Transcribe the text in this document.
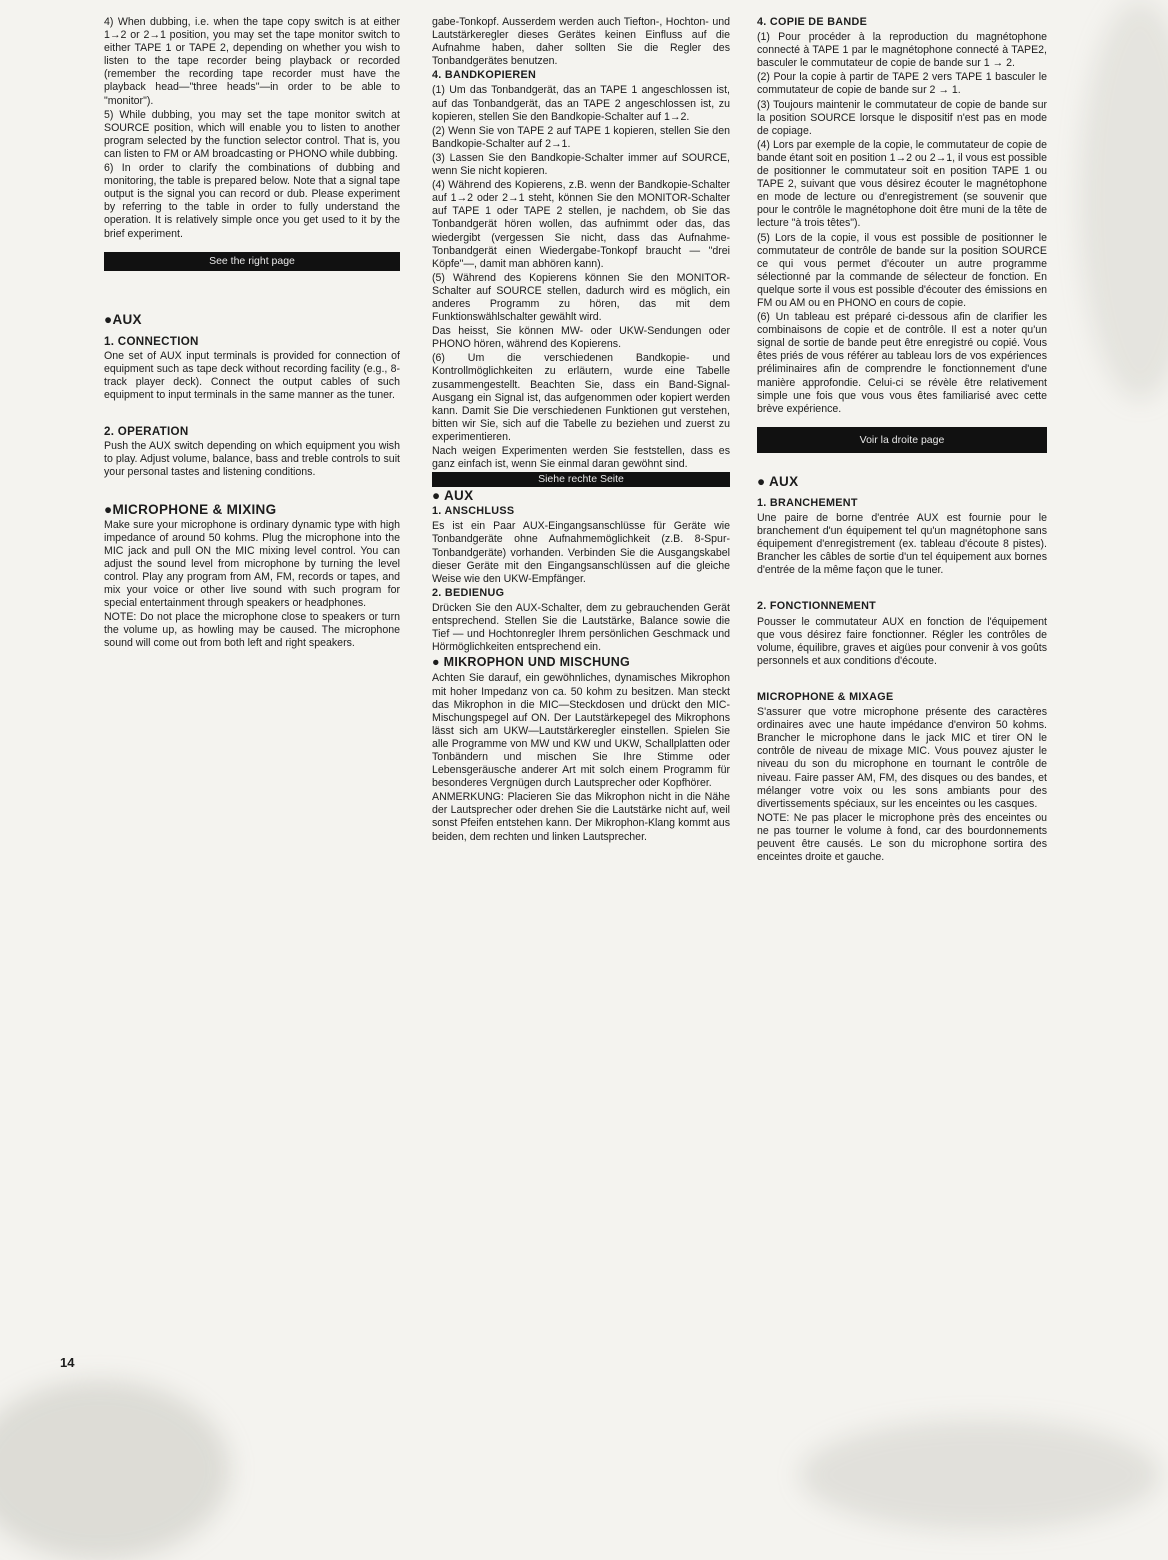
4) When dubbing, i.e. when the tape copy switch is at either 1→2 or 2→1 position, you may set the tape monitor switch to either TAPE 1 or TAPE 2, depending on whether you wish to listen to the tape recorder being playback or recorded (remember the recording tape recorder must have the playback head—"three heads"—in order to be able to "monitor").

5) While dubbing, you may set the tape monitor switch at SOURCE position, which will enable you to listen to another program selected by the function selector control. That is, you can listen to FM or AM broadcasting or PHONO while dubbing.

6) In order to clarify the combinations of dubbing and monitoring, the table is prepared below. Note that a signal tape output is the signal you can record or dub. Please experiment by referring to the table in order to fully understand the operation. It is relatively simple once you get used to it by the brief experiment.

See the right page
●AUX
1. CONNECTION

One set of AUX input terminals is provided for connection of equipment such as tape deck without recording facility (e.g., 8-track player deck). Connect the output cables of such equipment to input terminals in the same manner as the tuner.

2. OPERATION

Push the AUX switch depending on which equipment you wish to play. Adjust volume, balance, bass and treble controls to suit your personal tastes and listening conditions.

●MICROPHONE & MIXING

Make sure your microphone is ordinary dynamic type with high impedance of around 50 kohms. Plug the microphone into the MIC jack and pull ON the MIC mixing level control. You can adjust the sound level from microphone by turning the level control. Play any program from AM, FM, records or tapes, and mix your voice or other live sound with such program for special entertainment through speakers or headphones.

NOTE: Do not place the microphone close to speakers or turn the volume up, as howling may be caused. The microphone sound will come out from both left and right speakers.

gabe-Tonkopf. Ausserdem werden auch Tiefton-, Hochton- und Lautstärkeregler dieses Gerätes keinen Einfluss auf die Aufnahme haben, daher sollten Sie die Regler des Tonbandgerätes benutzen.

4. BANDKOPIEREN

(1) Um das Tonbandgerät, das an TAPE 1 angeschlossen ist, auf das Tonbandgerät, das an TAPE 2 angeschlossen ist, zu kopieren, stellen Sie den Bandkopie-Schalter auf 1→2.

(2) Wenn Sie von TAPE 2 auf TAPE 1 kopieren, stellen Sie den Bandkopie-Schalter auf 2→1.

(3) Lassen Sie den Bandkopie-Schalter immer auf SOURCE, wenn Sie nicht kopieren.

(4) Während des Kopierens, z.B. wenn der Bandkopie-Schalter auf 1→2 oder 2→1 steht, können Sie den MONITOR-Schalter auf TAPE 1 oder TAPE 2 stellen, je nachdem, ob Sie das Tonbandgerät hören wollen, das aufnimmt oder das, das wiedergibt (vergessen Sie nicht, dass das Aufnahme-Tonbandgerät einen Wiedergabe-Tonkopf braucht — "drei Köpfe"—, damit man abhören kann).

(5) Während des Kopierens können Sie den MONITOR-Schalter auf SOURCE stellen, dadurch wird es möglich, ein anderes Programm zu hören, das mit dem Funktionswählschalter gewählt wird.

Das heisst, Sie können MW- oder UKW-Sendungen oder PHONO hören, während des Kopierens.

(6) Um die verschiedenen Bandkopie- und Kontrollmöglichkeiten zu erläutern, wurde eine Tabelle zusammengestellt. Beachten Sie, dass ein Band-Signal-Ausgang ein Signal ist, das aufgenommen oder kopiert werden kann. Damit Sie Die verschiedenen Funktionen gut verstehen, bitten wir Sie, sich auf die Tabelle zu beziehen und zuerst zu experimentieren.

Nach weigen Experimenten werden Sie feststellen, dass es ganz einfach ist, wenn Sie einmal daran gewöhnt sind.

Siehe rechte Seite
● AUX
1. ANSCHLUSS

Es ist ein Paar AUX-Eingangsanschlüsse für Geräte wie Tonbandgeräte ohne Aufnahmemöglichkeit (z.B. 8-Spur-Tonbandgeräte) vorhanden. Verbinden Sie die Ausgangskabel dieser Geräte mit den Eingangsanschlüssen auf die gleiche Weise wie den UKW-Empfänger.

2. BEDIENUG

Drücken Sie den AUX-Schalter, dem zu gebrauchenden Gerät entsprechend. Stellen Sie die Lautstärke, Balance sowie die Tief — und Hochtonregler Ihrem persönlichen Geschmack und Hörmöglichkeiten entsprechend ein.

● MIKROPHON UND MISCHUNG

Achten Sie darauf, ein gewöhnliches, dynamisches Mikrophon mit hoher Impedanz von ca. 50 kohm zu besitzen. Man steckt das Mikrophon in die MIC—Steckdosen und drückt den MIC-Mischungspegel auf ON. Der Lautstärkepegel des Mikrophons lässt sich am UKW—Lautstärkeregler einstellen. Spielen Sie alle Programme von MW und KW und UKW, Schallplatten oder Tonbändern und mischen Sie Ihre Stimme oder Lebensgeräusche anderer Art mit solch einem Programm für besonderes Vergnügen durch Lautsprecher oder Kopfhörer.

ANMERKUNG: Placieren Sie das Mikrophon nicht in die Nähe der Lautsprecher oder drehen Sie die Lautstärke nicht auf, weil sonst Pfeifen entstehen kann. Der Mikrophon-Klang kommt aus beiden, dem rechten und linken Lautsprecher.

4. COPIE DE BANDE

(1) Pour procéder à la reproduction du magnétophone connecté à TAPE 1 par le magnétophone connecté à TAPE2, basculer le commutateur de copie de bande sur 1 → 2.

(2) Pour la copie à partir de TAPE 2 vers TAPE 1 basculer le commutateur de copie de bande sur 2 → 1.

(3) Toujours maintenir le commutateur de copie de bande sur la position SOURCE lorsque le dispositif n'est pas en mode de copiage.

(4) Lors par exemple de la copie, le commutateur de copie de bande étant soit en position 1→2 ou 2→1, il vous est possible de positionner le commutateur soit en position TAPE 1 ou TAPE 2, suivant que vous désirez écouter le magnétophone en mode de lecture ou d'enregistrement (se souvenir que pour le contrôle le magnétophone doit être muni de la tête de lecture "à trois têtes").

(5) Lors de la copie, il vous est possible de positionner le commutateur de contrôle de bande sur la position SOURCE ce qui vous permet d'écouter un autre programme sélectionné par la commande de sélecteur de fonction. En quelque sorte il vous est possible d'écouter des émissions en FM ou AM ou en PHONO en cours de copie.

(6) Un tableau est préparé ci-dessous afin de clarifier les combinaisons de copie et de contrôle. Il est a noter qu'un signal de sortie de bande peut être enregistré ou copié. Vous êtes priés de vous référer au tableau lors de vos expériences préliminaires afin de comprendre le fonctionnement d'une manière approfondie. Celui-ci se révèle être relativement simple une fois que vous vous êtes familiarisé avec cette brève expérience.

Voir la droite page
● AUX
1. BRANCHEMENT

Une paire de borne d'entrée AUX est fournie pour le branchement d'un équipement tel qu'un magnétophone sans équipement d'enregistrement (ex. tableau d'écoute 8 pistes). Brancher les câbles de sortie d'un tel équipement aux bornes d'entrée de la même façon que le tuner.

2. FONCTIONNEMENT

Pousser le commutateur AUX en fonction de l'équipement que vous désirez faire fonctionner. Régler les contrôles de volume, équilibre, graves et aigües pour convenir à vos goûts personnels et aux conditions d'écoute.

MICROPHONE & MIXAGE

S'assurer que votre microphone présente des caractères ordinaires avec une haute impédance d'environ 50 kohms. Brancher le microphone dans le jack MIC et tirer ON le contrôle de niveau de mixage MIC. Vous pouvez ajuster le niveau du son du microphone en tournant le contrôle de niveau. Faire passer AM, FM, des disques ou des bandes, et mélanger votre voix ou les sons ambiants pour des divertissements spéciaux, sur les enceintes ou les casques.

NOTE: Ne pas placer le microphone près des enceintes ou ne pas tourner le volume à fond, car des bourdonnements peuvent être causés. Le son du microphone sortira des enceintes droite et gauche.

14
